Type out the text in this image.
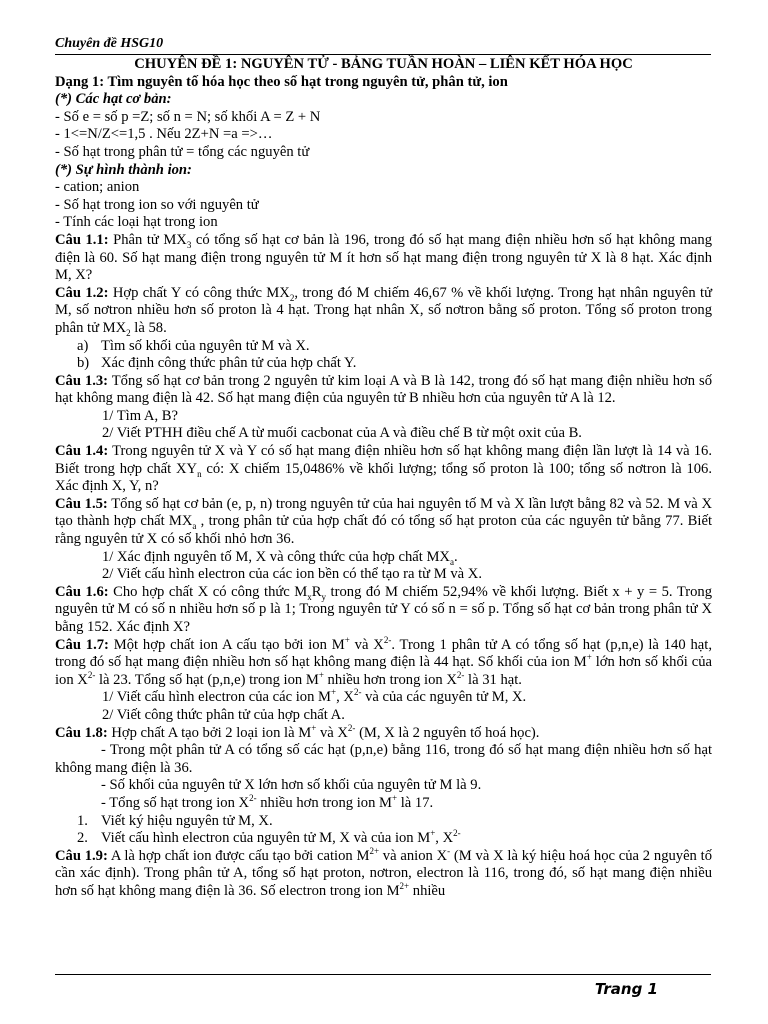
Chuyên đề HSG10
CHUYÊN ĐỀ 1: NGUYÊN TỬ - BẢNG TUẦN HOÀN – LIÊN KẾT HÓA HỌC
Dạng 1: Tìm nguyên tố hóa học theo số hạt trong nguyên tử, phân tử, ion
(*) Các hạt cơ bản:
- Số e = số p =Z; số n = N; số khối A = Z + N
- 1<=N/Z<=1,5 . Nếu 2Z+N =a =>…
- Số hạt trong phân tử = tổng các nguyên tử
(*) Sự hình thành ion:
- cation; anion
- Số hạt trong ion so với nguyên tử
- Tính các loại hạt trong ion
Câu 1.1: Phân tử $MX_3$ có tổng số hạt cơ bản là 196, trong đó số hạt mang điện nhiều hơn số hạt không mang điện là 60. Số hạt mang điện trong nguyên tử M ít hơn số hạt mang điện trong nguyên tử X là 8 hạt. Xác định M, X?
Câu 1.2: Hợp chất Y có công thức $MX_2$, trong đó M chiếm 46,67 % về khối lượng. Trong hạt nhân nguyên tử M, số nơtron nhiều hơn số proton là 4 hạt. Trong hạt nhân X, số nơtron bằng số proton. Tổng số proton trong phân tử $MX_2$ là 58.
a) Tìm số khối của nguyên tử M và X.
b) Xác định công thức phân tử của hợp chất Y.
Câu 1.3: Tổng số hạt cơ bản trong 2 nguyên tử kim loại A và B là 142, trong đó số hạt mang điện nhiều hơn số hạt không mang điện là 42. Số hạt mang điện của nguyên tử B nhiều hơn của nguyên tử A là 12.
1/ Tìm A, B?
2/ Viết PTHH điều chế A từ muối cacbonat của A và điều chế B từ một oxit của B.
Câu 1.4: Trong nguyên tử X và Y có số hạt mang điện nhiều hơn số hạt không mang điện lần lượt là 14 và 16. Biết trong hợp chất $XY_n$ có: X chiếm 15,0486% về khối lượng; tổng số proton là 100; tổng số nơtron là 106. Xác định X, Y, n?
Câu 1.5: Tổng số hạt cơ bản (e, p, n) trong nguyên tử của hai nguyên tố M và X lần lượt bằng 82 và 52. M và X tạo thành hợp chất $MX_a$ , trong phân tử của hợp chất đó có tổng số hạt proton của các nguyên tử bằng 77. Biết rằng nguyên tử X có số khối nhỏ hơn 36.
1/ Xác định nguyên tố M, X và công thức của hợp chất $MX_a$.
2/ Viết cấu hình electron của các ion bền có thể tạo ra từ M và X.
Câu 1.6: Cho hợp chất X có công thức $M_xR_y$ trong đó M chiếm 52,94% về khối lượng. Biết x + y = 5. Trong nguyên tử M có số n nhiều hơn số p là 1; Trong nguyên tử Y có số n = số p. Tổng số hạt cơ bản trong phân tử X bằng 152. Xác định X?
Câu 1.7: Một hợp chất ion A cấu tạo bởi ion M+ và $X^{2-}$. Trong 1 phân tử A có tổng số hạt (p,n,e) là 140 hạt, trong đó số hạt mang điện nhiều hơn số hạt không mang điện là 44 hạt. Số khối của ion M+ lớn hơn số khối của ion $X^{2-}$ là 23. Tổng số hạt (p,n,e) trong ion M+ nhiều hơn trong ion $X^{2-}$ là 31 hạt.
1/ Viết cấu hình electron của các ion M+, $X^{2-}$ và của các nguyên tử M, X.
2/ Viết công thức phân tử của hợp chất A.
Câu 1.8: Hợp chất A tạo bởi 2 loại ion là M+ và $X^{2-}$ (M, X là 2 nguyên tố hoá học).
- Trong một phân tử A có tổng số các hạt (p,n,e) bằng 116, trong đó số hạt mang điện nhiều hơn số hạt không mang điện là 36.
- Số khối của nguyên tử X lớn hơn số khối của nguyên tử M là 9.
- Tổng số hạt trong ion $X^{2-}$ nhiều hơn trong ion M+ là 17.
1. Viết ký hiệu nguyên tử M, X.
2. Viết cấu hình electron của nguyên tử M, X và của ion M+, $X^{2-}$
Câu 1.9: A là hợp chất ion được cấu tạo bởi cation $M^{2+}$ và anion X- (M và X là ký hiệu hoá học của 2 nguyên tố cần xác định). Trong phân tử A, tổng số hạt proton, nơtron, electron là 116, trong đó, số hạt mang điện nhiều hơn số hạt không mang điện là 36. Số electron trong ion $M^{2+}$ nhiều
Trang 1
